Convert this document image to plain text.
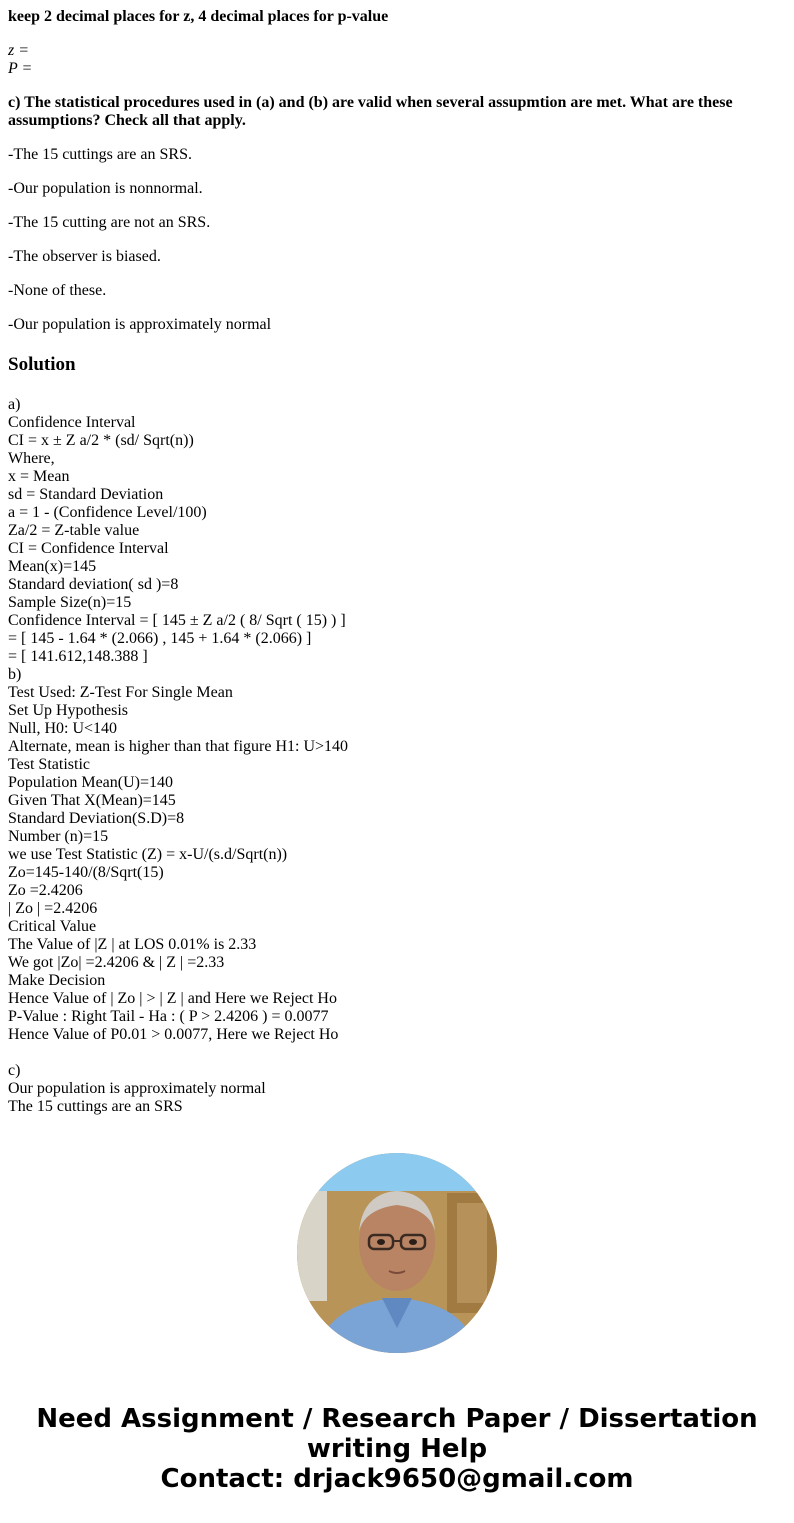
keep 2 decimal places for z, 4 decimal places for p-value

z =
P =

c) The statistical procedures used in (a) and (b) are valid when several assupmtion are met. What are these assumptions? Check all that apply.

-The 15 cuttings are an SRS.

-Our population is nonnormal.

-The 15 cutting are not an SRS.

-The observer is biased.

-None of these.

-Our population is approximately normal

Solution
a)
Confidence Interval
CI = x ± Z a/2 * (sd/ Sqrt(n))
Where,
x = Mean
sd = Standard Deviation
a = 1 - (Confidence Level/100)
Za/2 = Z-table value
CI = Confidence Interval
Mean(x)=145
Standard deviation( sd )=8
Sample Size(n)=15
Confidence Interval = [ 145 ± Z a/2 ( 8/ Sqrt ( 15) ) ]
= [ 145 - 1.64 * (2.066) , 145 + 1.64 * (2.066) ]
= [ 141.612,148.388 ]
b)
Test Used: Z-Test For Single Mean
Set Up Hypothesis
Null, H0: U<140
Alternate, mean is higher than that figure H1: U>140
Test Statistic
Population Mean(U)=140
Given That X(Mean)=145
Standard Deviation(S.D)=8
Number (n)=15
we use Test Statistic (Z) = x-U/(s.d/Sqrt(n))
Zo=145-140/(8/Sqrt(15)
Zo =2.4206
| Zo | =2.4206
Critical Value
The Value of |Z | at LOS 0.01% is 2.33
We got |Zo| =2.4206 & | Z | =2.33
Make Decision
Hence Value of | Zo | > | Z | and Here we Reject Ho
P-Value : Right Tail - Ha : ( P > 2.4206 ) = 0.0077
Hence Value of P0.01 > 0.0077, Here we Reject Ho
c)
Our population is approximately normal
The 15 cuttings are an SRS
Need Assignment / Research Paper / Dissertation
writing Help
Contact: drjack9650@gmail.com
